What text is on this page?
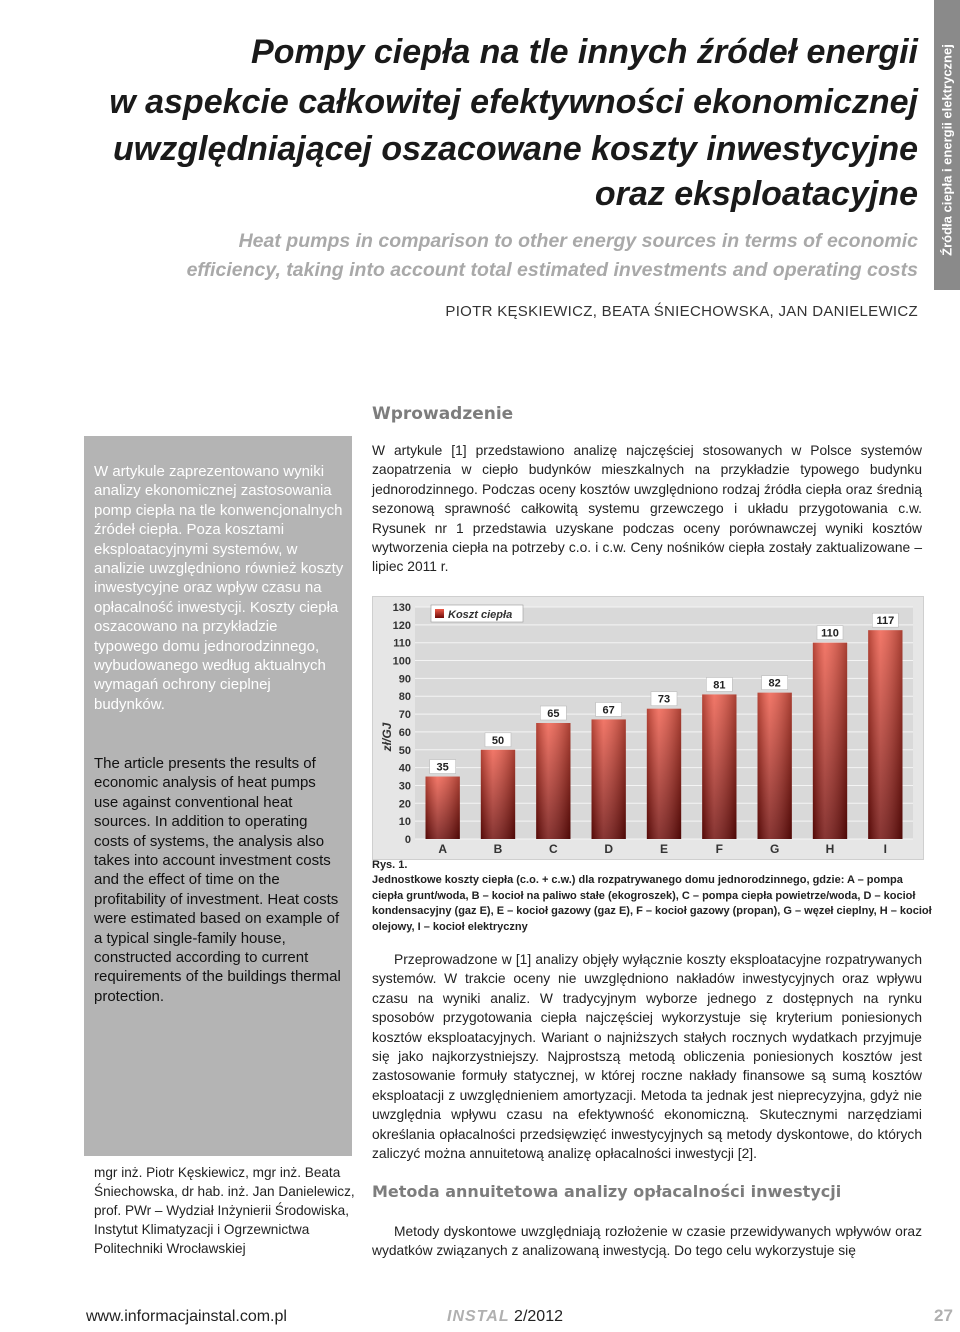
Źródła ciepła i energii elektrycznej
Pompy ciepła na tle innych źródeł energii
w aspekcie całkowitej efektywności ekonomicznej
uwzględniającej oszacowane koszty inwestycyjne
oraz eksploatacyjne
Heat pumps in comparison to other energy sources in terms of economic
efficiency, taking into account total estimated investments and operating costs
PIOTR KĘSKIEWICZ, BEATA ŚNIECHOWSKA, JAN DANIELEWICZ
W artykule zaprezentowano wyniki analizy ekonomicznej zastosowania pomp ciepła na tle konwencjonalnych źródeł ciepła. Poza kosztami eksploatacyjnymi systemów, w analizie uwzględniono również koszty inwestycyjne oraz wpływ czasu na opłacalność inwestycji. Koszty ciepła oszacowano na przykładzie typowego domu jednorodzinnego, wybudowanego według aktualnych wymagań ochrony cieplnej budynków.
The article presents the results of economic analysis of heat pumps use against conventional heat sources. In addition to operating costs of systems, the analysis also takes into account investment costs and the effect of time on the profitability of investment. Heat costs were estimated based on example of a typical single-family house, constructed according to current requirements of the buildings thermal protection.
mgr inż. Piotr Kęskiewicz, mgr inż. Beata Śniechowska, dr hab. inż. Jan Danielewicz, prof. PWr – Wydział Inżynierii Środowiska, Instytut Klimatyzacji i Ogrzewnictwa Politechniki Wrocławskiej
Wprowadzenie
W artykule [1] przedstawiono analizę najczęściej stosowanych w Polsce systemów zaopatrzenia w ciepło budynków mieszkalnych na przykładzie typowego budynku jednorodzinnego. Podczas oceny kosztów uwzględniono rodzaj źródła ciepła oraz średnią sezonową sprawność całkowitą systemu grzewczego i układu przygotowania c.w. Rysunek nr 1 przedstawia uzyskane podczas oceny porównawczej wyniki kosztów wytworzenia ciepła na potrzeby c.o. i c.w. Ceny nośników ciepła zostały zaktualizowane – lipiec 2011 r.
35
50
65	67
73
81	82
110
117
0
10
20
30
40
50
60
70
80
90
100
110
120
130
A	B	C	D	E	F	G	H	I
zł/GJ
Koszt ciepła
Rys. 1.
Jednostkowe koszty ciepła (c.o. + c.w.) dla rozpatrywanego domu jednorodzinnego, gdzie: A – pompa ciepła grunt/woda, B – kocioł na paliwo stałe (ekogroszek), C – pompa ciepła powietrze/woda, D – kocioł kondensacyjny (gaz E), E – kocioł gazowy (gaz E), F – kocioł gazowy (propan), G – węzeł cieplny, H – kocioł olejowy, I – kocioł elektryczny
Przeprowadzone w [1] analizy objęły wyłącznie koszty eksploatacyjne rozpatrywanych systemów. W trakcie oceny nie uwzględniono nakładów inwestycyjnych oraz wpływu czasu na wyniki analiz. W tradycyjnym wyborze jednego z dostępnych na rynku sposobów przygotowania ciepła najczęściej wykorzystuje się kryterium poniesionych kosztów eksploatacyjnych. Wariant o najniższych stałych rocznych wydatkach przyjmuje się jako najkorzystniejszy. Najprostszą metodą obliczenia poniesionych kosztów jest zastosowanie formuły statycznej, w której roczne nakłady finansowe są sumą kosztów eksploatacji z uwzględnieniem amortyzacji. Metoda ta jednak jest nieprecyzyjna, gdyż nie uwzględnia wpływu czasu na efektywność ekonomiczną. Skutecznymi narzędziami określania opłacalności przedsięwzięć inwestycyjnych są metody dyskontowe, do których zaliczyć można annuitetową analizę opłacalności inwestycji [2].
Metoda annuitetowa analizy opłacalności inwestycji
Metody dyskontowe uwzględniają rozłożenie w czasie przewidywanych wpływów oraz wydatków związanych z analizowaną inwestycją. Do tego celu wykorzystuje się
www.informacjainstal.com.pl	INSTAL 2/2012	27
